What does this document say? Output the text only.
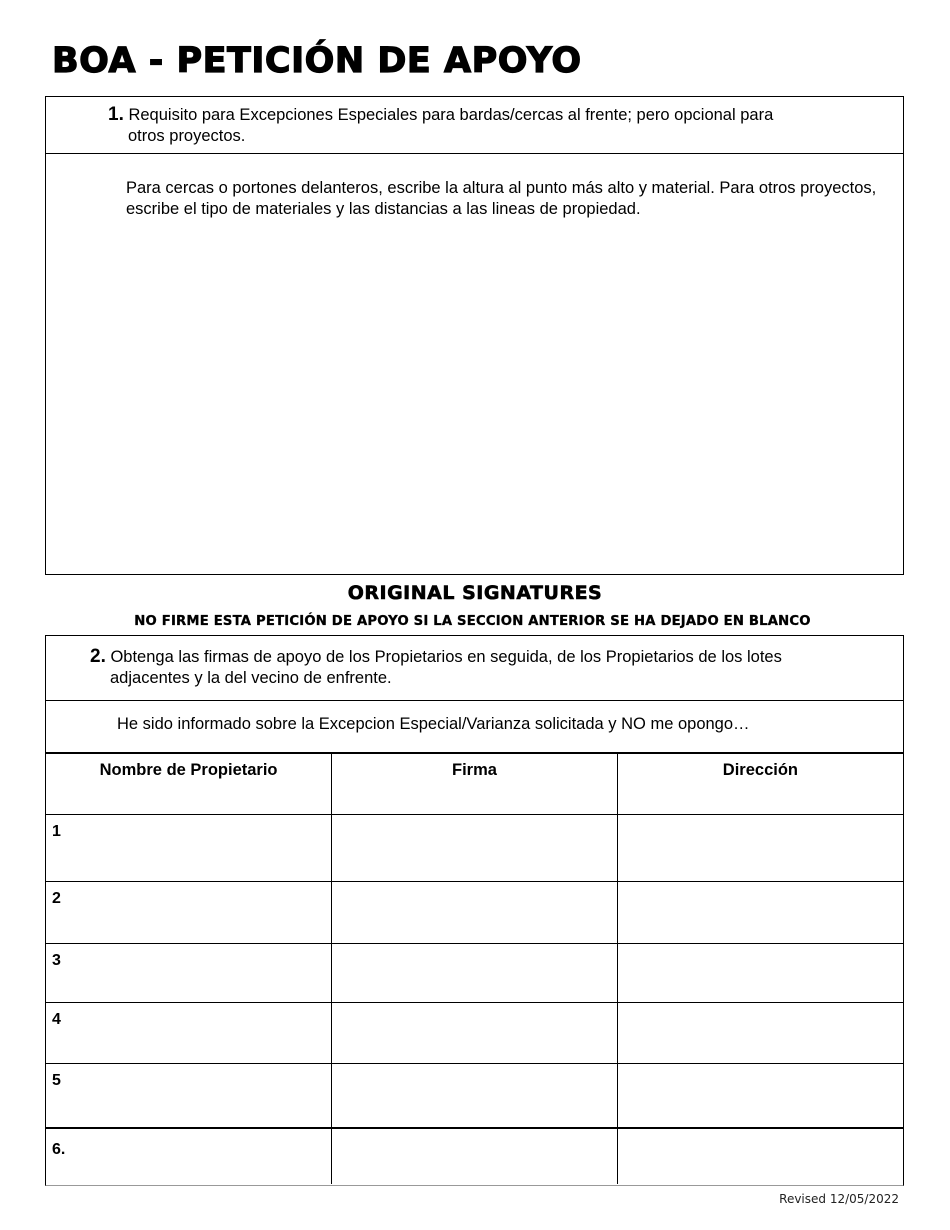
BOA - PETICIÓN DE APOYO
1. Requisito para Excepciones Especiales para bardas/cercas al frente; pero opcional para
otros proyectos.
Para cercas o portones delanteros, escribe la altura al punto más alto y material. Para otros proyectos, escribe el tipo de materiales y las distancias a las lineas de propiedad.
ORIGINAL SIGNATURES
NO FIRME ESTA PETICIÓN DE APOYO SI LA SECCION ANTERIOR SE HA DEJADO EN BLANCO
2. Obtenga las firmas de apoyo de los Propietarios en seguida, de los Propietarios de los lotes
adjacentes y la del vecino de enfrente.
He sido informado sobre la Excepcion Especial/Varianza solicitada y NO me opongo…
Nombre de Propietario	Firma	Dirección
1		
2		
3		
4		
5		
6.		
Revised 12/05/2022
